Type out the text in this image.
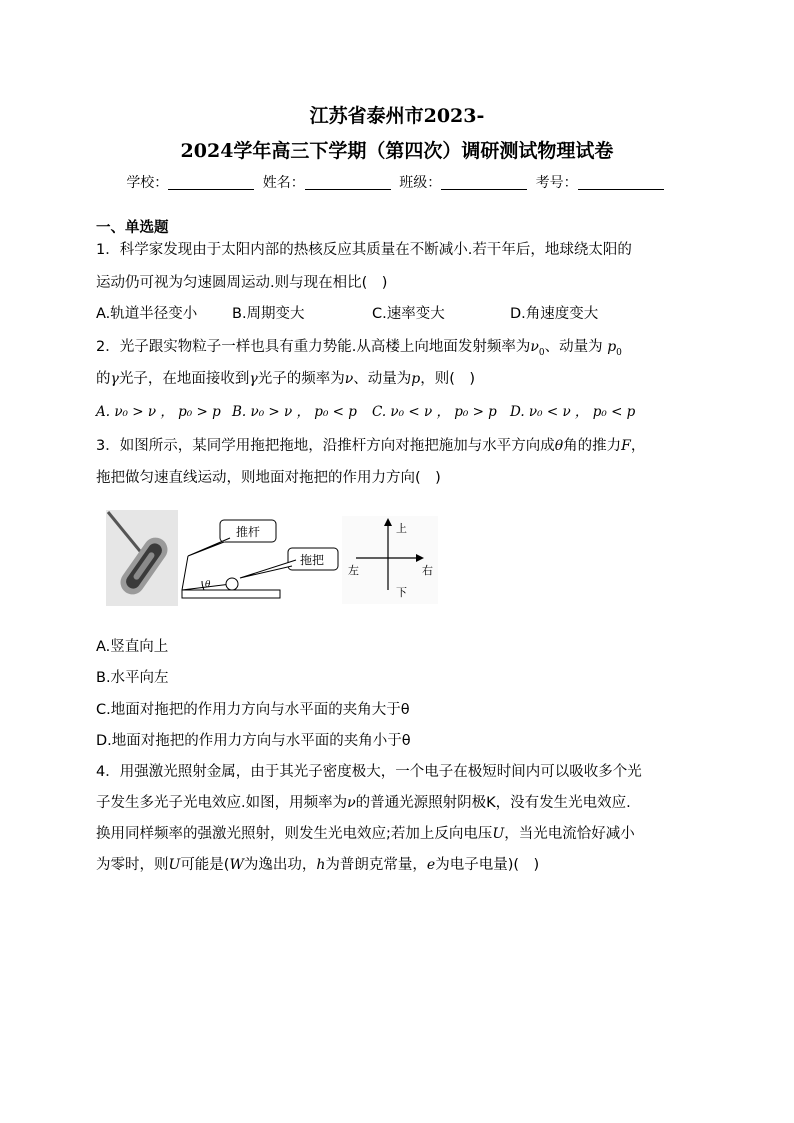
江苏省泰州市2023-
2024学年高三下学期（第四次）调研测试物理试卷
学校：	姓名：	班级：	考号：
一、单选题
1．科学家发现由于太阳内部的热核反应其质量在不断减小.若干年后，地球绕太阳的
运动仍可视为匀速圆周运动.则与现在相比(　)
A.轨道半径变小 B.周期变大	C.速率变大	D.角速度变大
2．光子跟实物粒子一样也具有重力势能.从高楼上向地面发射频率为$\nu_0$、动量为 $p_0$
的γ光子，在地面接收到γ光子的频率为ν、动量为p，则(　)
A. ν₀ > ν ， p₀ > p B. ν₀ > ν ， p₀ < p C. ν₀ < ν ， p₀ > p D. ν₀ < ν ， p₀ < p
3．如图所示，某同学用拖把拖地，沿推杆方向对拖把施加与水平方向成θ角的推力F，
拖把做匀速直线运动，则地面对拖把的作用力方向(　)
θ
推杆
拖把
上
下
左	右
A.竖直向上
B.水平向左
C.地面对拖把的作用力方向与水平面的夹角大于θ
D.地面对拖把的作用力方向与水平面的夹角小于θ
4．用强激光照射金属，由于其光子密度极大，一个电子在极短时间内可以吸收多个光
子发生多光子光电效应.如图，用频率为ν的普通光源照射阴极K，没有发生光电效应.
换用同样频率的强激光照射，则发生光电效应;若加上反向电压U，当光电流恰好减小
为零时，则U可能是(W为逸出功，h为普朗克常量，e为电子电量)(　)
